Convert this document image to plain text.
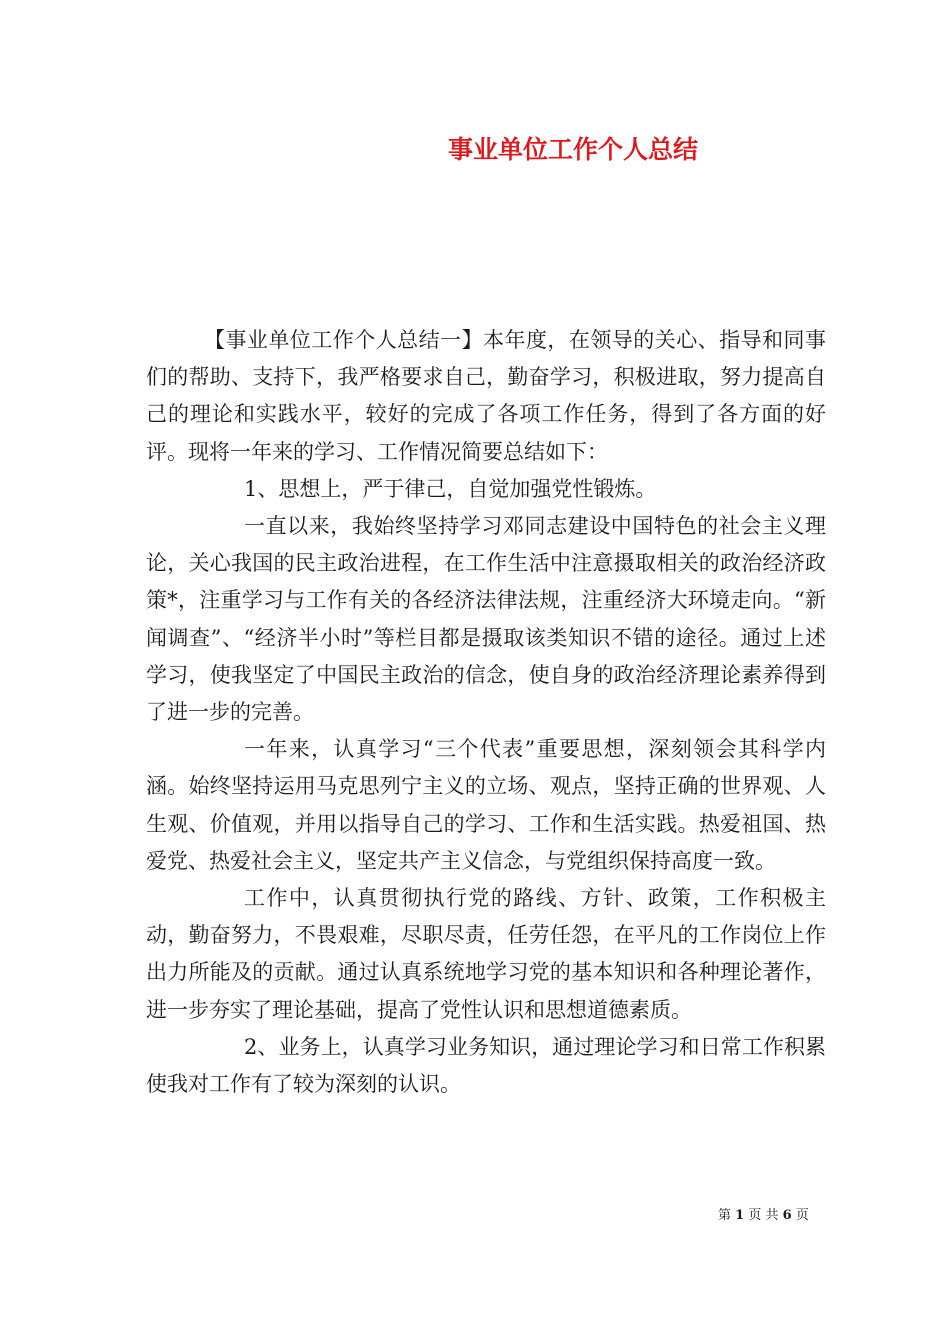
事业单位工作个人总结

【事业单位工作个人总结一】本年度，在领导的关心、指导和同事们的帮助、支持下，我严格要求自己，勤奋学习，积极进取，努力提高自己的理论和实践水平，较好的完成了各项工作任务，得到了各方面的好评。现将一年来的学习、工作情况简要总结如下：

1、思想上，严于律己，自觉加强党性锻炼。

一直以来，我始终坚持学习邓同志建设中国特色的社会主义理论，关心我国的民主政治进程，在工作生活中注意摄取相关的政治经济政策*，注重学习与工作有关的各经济法律法规，注重经济大环境走向。“新闻调查”、“经济半小时”等栏目都是摄取该类知识不错的途径。通过上述学习，使我坚定了中国民主政治的信念，使自身的政治经济理论素养得到了进一步的完善。

一年来，认真学习“三个代表”重要思想，深刻领会其科学内涵。始终坚持运用马克思列宁主义的立场、观点，坚持正确的世界观、人生观、价值观，并用以指导自己的学习、工作和生活实践。热爱祖国、热爱党、热爱社会主义，坚定共产主义信念，与党组织保持高度一致。

工作中，认真贯彻执行党的路线、方针、政策，工作积极主动，勤奋努力，不畏艰难，尽职尽责，任劳任怨，在平凡的工作岗位上作出力所能及的贡献。通过认真系统地学习党的基本知识和各种理论著作，进一步夯实了理论基础，提高了党性认识和思想道德素质。

2、业务上，认真学习业务知识，通过理论学习和日常工作积累使我对工作有了较为深刻的认识。

第 1 页 共 6 页
